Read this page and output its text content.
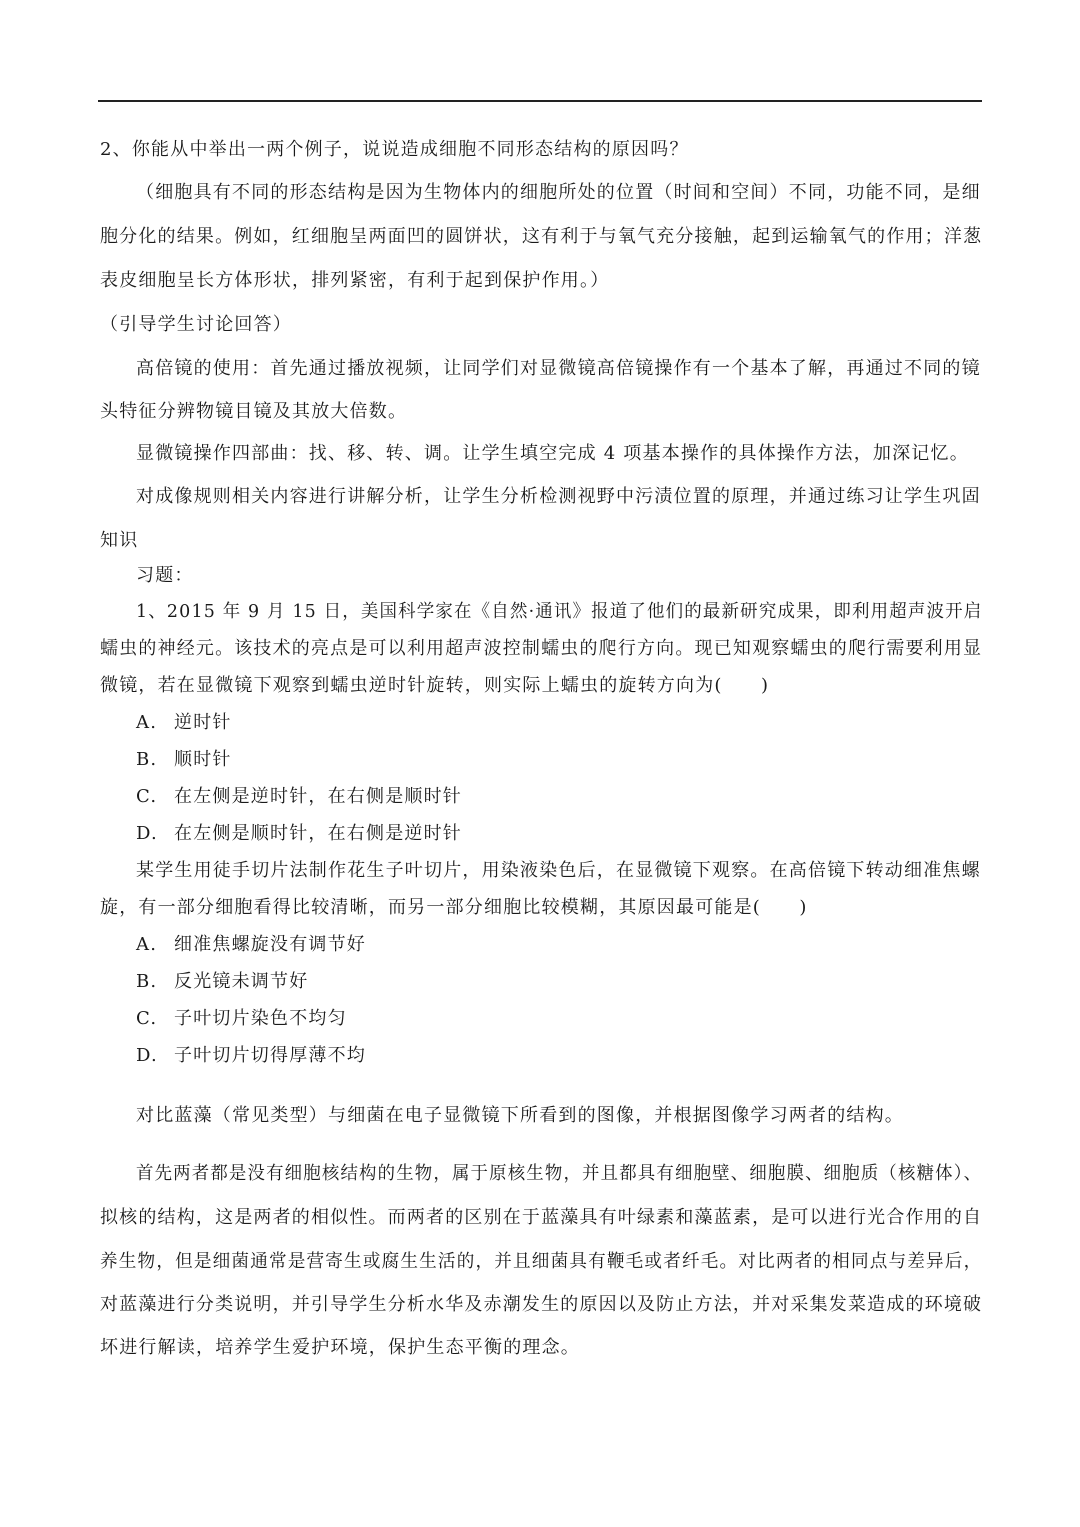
2、你能从中举出一两个例子，说说造成细胞不同形态结构的原因吗？
（细胞具有不同的形态结构是因为生物体内的细胞所处的位置（时间和空间）不同，功能不同，是细
胞分化的结果。例如，红细胞呈两面凹的圆饼状，这有利于与氧气充分接触，起到运输氧气的作用；洋葱
表皮细胞呈长方体形状，排列紧密，有利于起到保护作用。）
（引导学生讨论回答）
高倍镜的使用：首先通过播放视频，让同学们对显微镜高倍镜操作有一个基本了解，再通过不同的镜
头特征分辨物镜目镜及其放大倍数。
显微镜操作四部曲：找、移、转、调。让学生填空完成 4 项基本操作的具体操作方法，加深记忆。
对成像规则相关内容进行讲解分析，让学生分析检测视野中污渍位置的原理，并通过练习让学生巩固
知识
习题：
1、2015 年 9 月 15 日，美国科学家在《自然·通讯》报道了他们的最新研究成果，即利用超声波开启
蠕虫的神经元。该技术的亮点是可以利用超声波控制蠕虫的爬行方向。现已知观察蠕虫的爬行需要利用显
微镜，若在显微镜下观察到蠕虫逆时针旋转，则实际上蠕虫的旋转方向为(　　)
A. 逆时针
B. 顺时针
C. 在左侧是逆时针，在右侧是顺时针
D. 在左侧是顺时针，在右侧是逆时针
某学生用徒手切片法制作花生子叶切片，用染液染色后，在显微镜下观察。在高倍镜下转动细准焦螺
旋，有一部分细胞看得比较清晰，而另一部分细胞比较模糊，其原因最可能是(　　)
A. 细准焦螺旋没有调节好
B. 反光镜未调节好
C. 子叶切片染色不均匀
D. 子叶切片切得厚薄不均
对比蓝藻（常见类型）与细菌在电子显微镜下所看到的图像，并根据图像学习两者的结构。
首先两者都是没有细胞核结构的生物，属于原核生物，并且都具有细胞壁、细胞膜、细胞质（核糖体）、
拟核的结构，这是两者的相似性。而两者的区别在于蓝藻具有叶绿素和藻蓝素，是可以进行光合作用的自
养生物，但是细菌通常是营寄生或腐生生活的，并且细菌具有鞭毛或者纤毛。对比两者的相同点与差异后，
对蓝藻进行分类说明，并引导学生分析水华及赤潮发生的原因以及防止方法，并对采集发菜造成的环境破
坏进行解读，培养学生爱护环境，保护生态平衡的理念。
